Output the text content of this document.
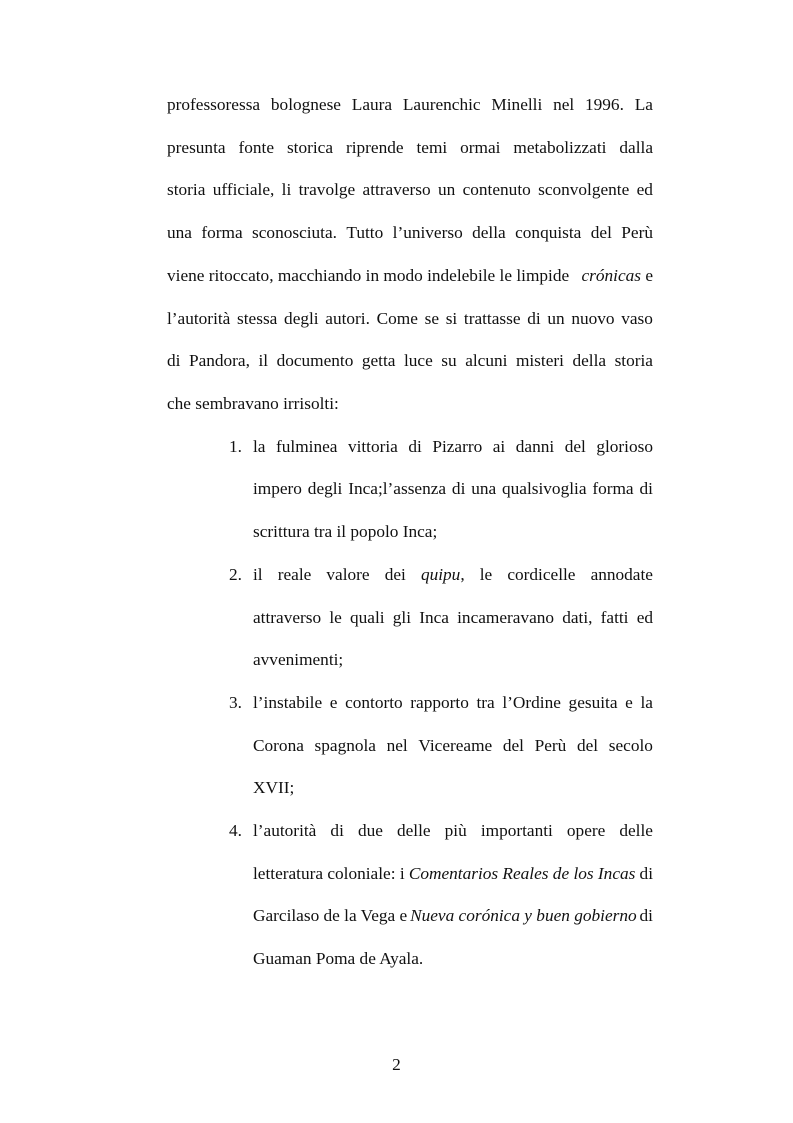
professoressa bolognese Laura Laurenchic Minelli nel 1996. La
presunta fonte storica riprende temi ormai metabolizzati dalla
storia ufficiale, li travolge attraverso un contenuto sconvolgente ed
una forma sconosciuta. Tutto l’universo della conquista del Perù
viene ritoccato, macchiando in modo indelebile le limpide crónicas e
l’autorità stessa degli autori. Come se si trattasse di un nuovo vaso
di Pandora, il documento getta luce su alcuni misteri della storia
che sembravano irrisolti:
1. la fulminea vittoria di Pizarro ai danni del glorioso
impero degli Inca;l’assenza di una qualsivoglia forma di
scrittura tra il popolo Inca;
2. il reale valore dei quipu, le cordicelle annodate
attraverso le quali gli Inca incameravano dati, fatti ed
avvenimenti;
3. l’instabile e contorto rapporto tra l’Ordine gesuita e la
Corona spagnola nel Vicereame del Perù del secolo
XVII;
4. l’autorità di due delle più importanti opere delle
letteratura coloniale: i Comentarios Reales de los Incas di
Garcilaso de la Vega e Nueva corónica y buen gobierno di
Guaman Poma de Ayala.
2
